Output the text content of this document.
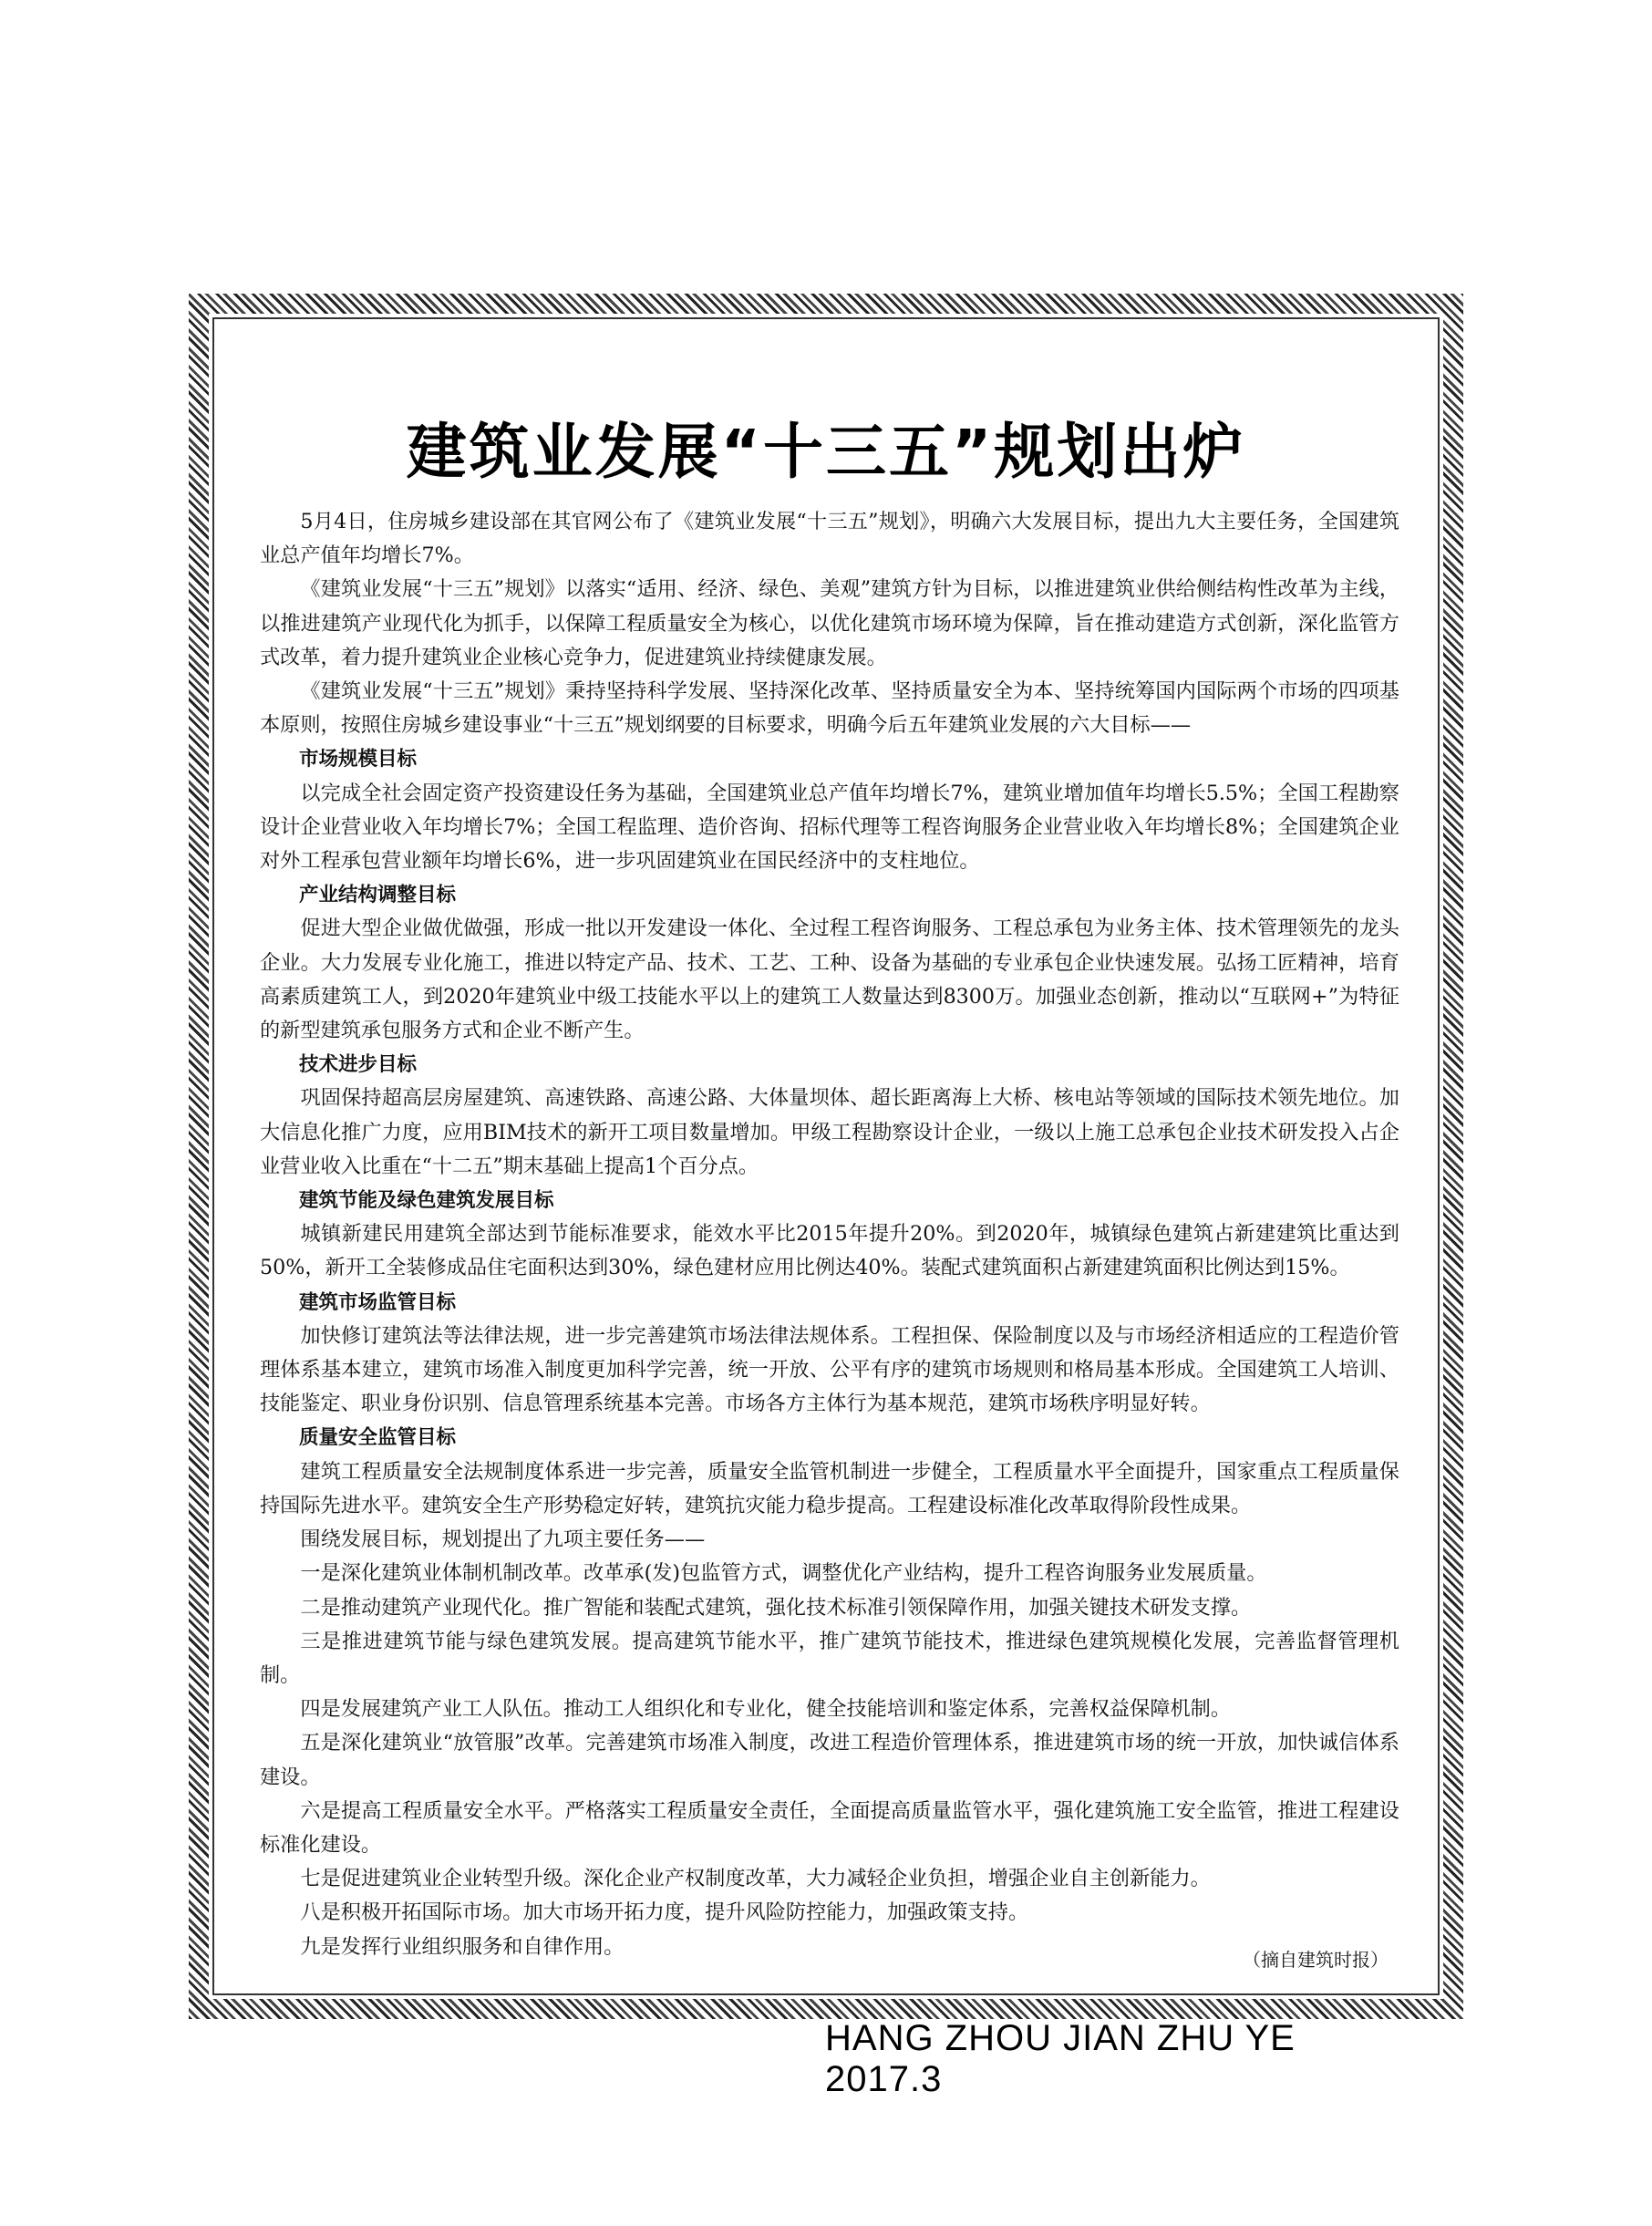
建筑业发展“十三五”规划出炉

5月4日，住房城乡建设部在其官网公布了《建筑业发展“十三五”规划》，明确六大发展目标，提出九大主要任务，全国建筑业总产值年均增长7%。

《建筑业发展“十三五”规划》以落实“适用、经济、绿色、美观”建筑方针为目标，以推进建筑业供给侧结构性改革为主线，以推进建筑产业现代化为抓手，以保障工程质量安全为核心，以优化建筑市场环境为保障，旨在推动建造方式创新，深化监管方式改革，着力提升建筑业企业核心竞争力，促进建筑业持续健康发展。

《建筑业发展“十三五”规划》秉持坚持科学发展、坚持深化改革、坚持质量安全为本、坚持统筹国内国际两个市场的四项基本原则，按照住房城乡建设事业“十三五”规划纲要的目标要求，明确今后五年建筑业发展的六大目标——

市场规模目标

以完成全社会固定资产投资建设任务为基础，全国建筑业总产值年均增长7%，建筑业增加值年均增长5.5%；全国工程勘察设计企业营业收入年均增长7%；全国工程监理、造价咨询、招标代理等工程咨询服务企业营业收入年均增长8%；全国建筑企业对外工程承包营业额年均增长6%，进一步巩固建筑业在国民经济中的支柱地位。

产业结构调整目标

促进大型企业做优做强，形成一批以开发建设一体化、全过程工程咨询服务、工程总承包为业务主体、技术管理领先的龙头企业。大力发展专业化施工，推进以特定产品、技术、工艺、工种、设备为基础的专业承包企业快速发展。弘扬工匠精神，培育高素质建筑工人，到2020年建筑业中级工技能水平以上的建筑工人数量达到8300万。加强业态创新，推动以“互联网+”为特征的新型建筑承包服务方式和企业不断产生。

技术进步目标

巩固保持超高层房屋建筑、高速铁路、高速公路、大体量坝体、超长距离海上大桥、核电站等领域的国际技术领先地位。加大信息化推广力度，应用BIM技术的新开工项目数量增加。甲级工程勘察设计企业，一级以上施工总承包企业技术研发投入占企业营业收入比重在“十二五”期末基础上提高1个百分点。

建筑节能及绿色建筑发展目标

城镇新建民用建筑全部达到节能标准要求，能效水平比2015年提升20%。到2020年，城镇绿色建筑占新建建筑比重达到50%，新开工全装修成品住宅面积达到30%，绿色建材应用比例达40%。装配式建筑面积占新建建筑面积比例达到15%。

建筑市场监管目标

加快修订建筑法等法律法规，进一步完善建筑市场法律法规体系。工程担保、保险制度以及与市场经济相适应的工程造价管理体系基本建立，建筑市场准入制度更加科学完善，统一开放、公平有序的建筑市场规则和格局基本形成。全国建筑工人培训、技能鉴定、职业身份识别、信息管理系统基本完善。市场各方主体行为基本规范，建筑市场秩序明显好转。

质量安全监管目标

建筑工程质量安全法规制度体系进一步完善，质量安全监管机制进一步健全，工程质量水平全面提升，国家重点工程质量保持国际先进水平。建筑安全生产形势稳定好转，建筑抗灾能力稳步提高。工程建设标准化改革取得阶段性成果。

围绕发展目标，规划提出了九项主要任务——

一是深化建筑业体制机制改革。改革承(发)包监管方式，调整优化产业结构，提升工程咨询服务业发展质量。

二是推动建筑产业现代化。推广智能和装配式建筑，强化技术标准引领保障作用，加强关键技术研发支撑。

三是推进建筑节能与绿色建筑发展。提高建筑节能水平，推广建筑节能技术，推进绿色建筑规模化发展，完善监督管理机制。

四是发展建筑产业工人队伍。推动工人组织化和专业化，健全技能培训和鉴定体系，完善权益保障机制。

五是深化建筑业“放管服”改革。完善建筑市场准入制度，改进工程造价管理体系，推进建筑市场的统一开放，加快诚信体系建设。

六是提高工程质量安全水平。严格落实工程质量安全责任，全面提高质量监管水平，强化建筑施工安全监管，推进工程建设标准化建设。

七是促进建筑业企业转型升级。深化企业产权制度改革，大力减轻企业负担，增强企业自主创新能力。

八是积极开拓国际市场。加大市场开拓力度，提升风险防控能力，加强政策支持。

九是发挥行业组织服务和自律作用。

（摘自建筑时报）
HANG ZHOU JIAN ZHU YE 2017.3
